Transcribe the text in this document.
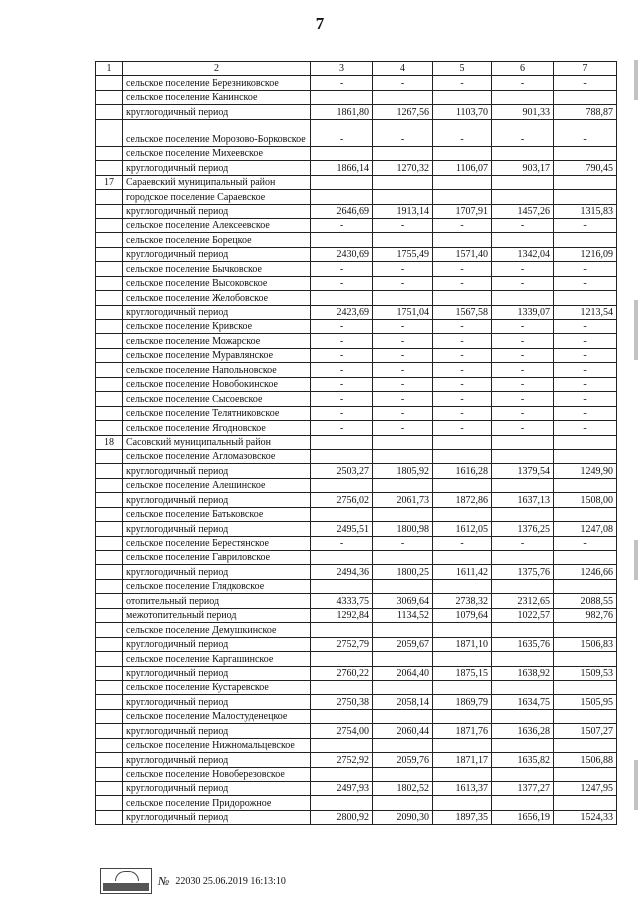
7
1	2	3	4	5	6	7
	сельское поселение Березниковское	-	-	-	-	-
	сельское поселение Канинское					
	круглогодичный период	1861,80	1267,56	1103,70	901,33	788,87
	сельское поселение Морозово-Борковское	-	-	-	-	-
	сельское поселение Михеевское					
	круглогодичный период	1866,14	1270,32	1106,07	903,17	790,45
17	Сараевский муниципальный район					
	городское поселение Сараевское					
	круглогодичный период	2646,69	1913,14	1707,91	1457,26	1315,83
	сельское поселение Алексеевское	-	-	-	-	-
	сельское поселение Борецкое					
	круглогодичный период	2430,69	1755,49	1571,40	1342,04	1216,09
	сельское поселение Бычковское	-	-	-	-	-
	сельское поселение Высоковское	-	-	-	-	-
	сельское поселение Желобовское					
	круглогодичный период	2423,69	1751,04	1567,58	1339,07	1213,54
	сельское поселение Кривское	-	-	-	-	-
	сельское поселение Можарское	-	-	-	-	-
	сельское поселение Муравлянское	-	-	-	-	-
	сельское поселение Напольновское	-	-	-	-	-
	сельское поселение Новобокинское	-	-	-	-	-
	сельское поселение Сысоевское	-	-	-	-	-
	сельское поселение Телятниковское	-	-	-	-	-
	сельское поселение Ягодновское	-	-	-	-	-
18	Сасовский муниципальный район					
	сельское поселение Агломазовское					
	круглогодичный период	2503,27	1805,92	1616,28	1379,54	1249,90
	сельское поселение Алешинское					
	круглогодичный период	2756,02	2061,73	1872,86	1637,13	1508,00
	сельское поселение Батьковское					
	круглогодичный период	2495,51	1800,98	1612,05	1376,25	1247,08
	сельское поселение Берестянское	-	-	-	-	-
	сельское поселение Гавриловское					
	круглогодичный период	2494,36	1800,25	1611,42	1375,76	1246,66
	сельское поселение Глядковское					
	отопительный период	4333,75	3069,64	2738,32	2312,65	2088,55
	межотопительный период	1292,84	1134,52	1079,64	1022,57	982,76
	сельское поселение Демушкинское					
	круглогодичный период	2752,79	2059,67	1871,10	1635,76	1506,83
	сельское поселение Каргашинское					
	круглогодичный период	2760,22	2064,40	1875,15	1638,92	1509,53
	сельское поселение Кустаревское					
	круглогодичный период	2750,38	2058,14	1869,79	1634,75	1505,95
	сельское поселение Малостуденецкое					
	круглогодичный период	2754,00	2060,44	1871,76	1636,28	1507,27
	сельское поселение Нижномальцевское					
	круглогодичный период	2752,92	2059,76	1871,17	1635,82	1506,88
	сельское поселение Новоберезовское					
	круглогодичный период	2497,93	1802,52	1613,37	1377,27	1247,95
	сельское поселение Придорожное					
	круглогодичный период	2800,92	2090,30	1897,35	1656,19	1524,33
№ 22030 25.06.2019 16:13:10
